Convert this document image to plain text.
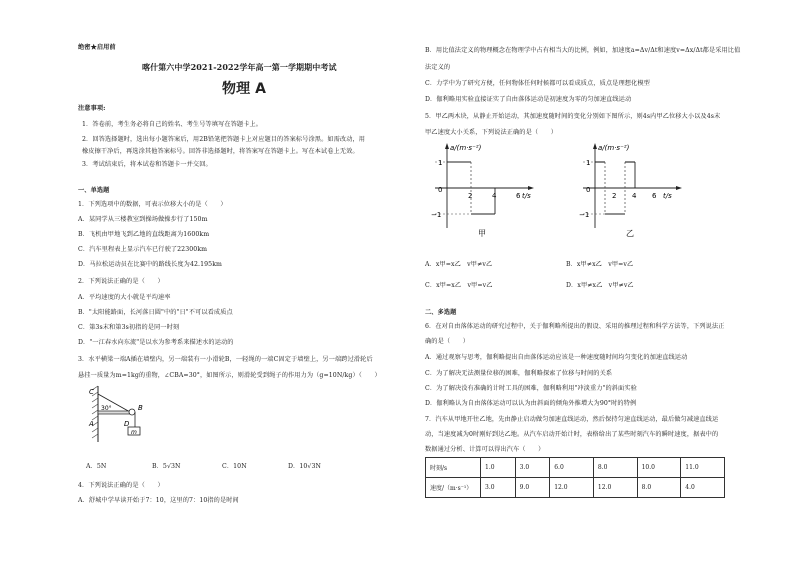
绝密★启用前
喀什第六中学2021-2022学年高一第一学期期中考试
物理 A
注意事项:
1．答卷前，考生务必将自己的姓名、考生号等填写在答题卡上。
2．回答选择题时，选出每小题答案后，用2B铅笔把答题卡上对应题目的答案标号涂黑。如需改动，用
橡皮擦干净后，再选涂其他答案标号。回答非选择题时，将答案写在答题卡上。写在本试卷上无效。
3．考试结束后，将本试卷和答题卡一并交回。
一、单选题
1．下列选项中的数据，可表示位移大小的是（　　）
A．某同学从三楼教室到操场做操步行了150m
B．飞机由甲地飞到乙地的直线距离为1600km
C．汽车里程表上显示汽车已行驶了22300km
D．马拉松运动员在比赛中的路线长度为42.195km
2．下列说法正确的是（　　）
A．平均速度的大小就是平均速率
B．"太阳能路面，长河落日圆"中的"日"不可以看成质点
C．第3s末和第3s初指的是同一时刻
D．"一江春水向东流"是以水为参考系来描述水的运动的
3．水平横梁一端A插在墙壁内，另一端装有一小滑轮B，一轻绳的一端C固定于墙壁上，另一端跨过滑轮后
悬挂一质量为m=1kg的重物，∠CBA=30°，如图所示，则滑轮受到绳子的作用力为（g=10N/kg）（　　）
C
30°
A
B
D
m
A．5N	B．5√3N	C．10N	D．10√3N
4．下列说法正确的是（　　）
A．舒城中学早读开始于7：10，这里的7：10指的是时间
B．用比值法定义的物理概念在物理学中占有相当大的比例，例如，加速度a=Δv/Δt和速度v=Δx/Δt都是采用比值
法定义的
C．力学中为了研究方便，任何物体任何时候都可以看成质点，质点是理想化模型
D．伽利略用实验直接证实了自由落体运动是初速度为零的匀加速直线运动
5．甲乙两木块，从静止开始运动，其加速度随时间的变化分别如下图所示，则4s内甲乙位移大小以及4s末
甲乙速度大小关系，下列说法正确的是（　　）
a/(m·s⁻²)
1
0
−1
2	4	6 t/s
甲
a/(m·s⁻²)
1
0
−1
2 4 6 t/s
乙
A．x甲=x乙　v甲≠v乙	B．x甲≠x乙　v甲=v乙
C．x甲=x乙　v甲=v乙	D．x甲≠x乙　v甲≠v乙
二、多选题
6．在对自由落体运动的研究过程中，关于伽利略所提出的假设、采用的推理过程和科学方法等，下列说法正
确的是（　　）
A．通过观察与思考，伽利略提出自由落体运动应该是一种速度随时间均匀变化的加速直线运动
C．为了解决无法测量位移的困难，伽利略探索了位移与时间的关系
C．为了解决没有准确的计时工具的困难，伽利略利用"冲淡重力"的斜面实验
D．伽利略认为自由落体运动可以认为由斜面的倾角外推增大为90°时的特例
7．汽车从甲地开往乙地，先由静止启动做匀加速直线运动，然后保持匀速直线运动，最后做匀减速直线运
动，当速度减为0时刚好到达乙地。从汽车启动开始计时，表格给出了某些时刻汽车的瞬时速度，据表中的
数据通过分析、计算可以得出汽车（　　）
时刻/s	1.0	3.0	6.0	8.0	10.0	11.0
速度/（m·s⁻¹）	3.0	9.0	12.0	12.0	8.0	4.0
